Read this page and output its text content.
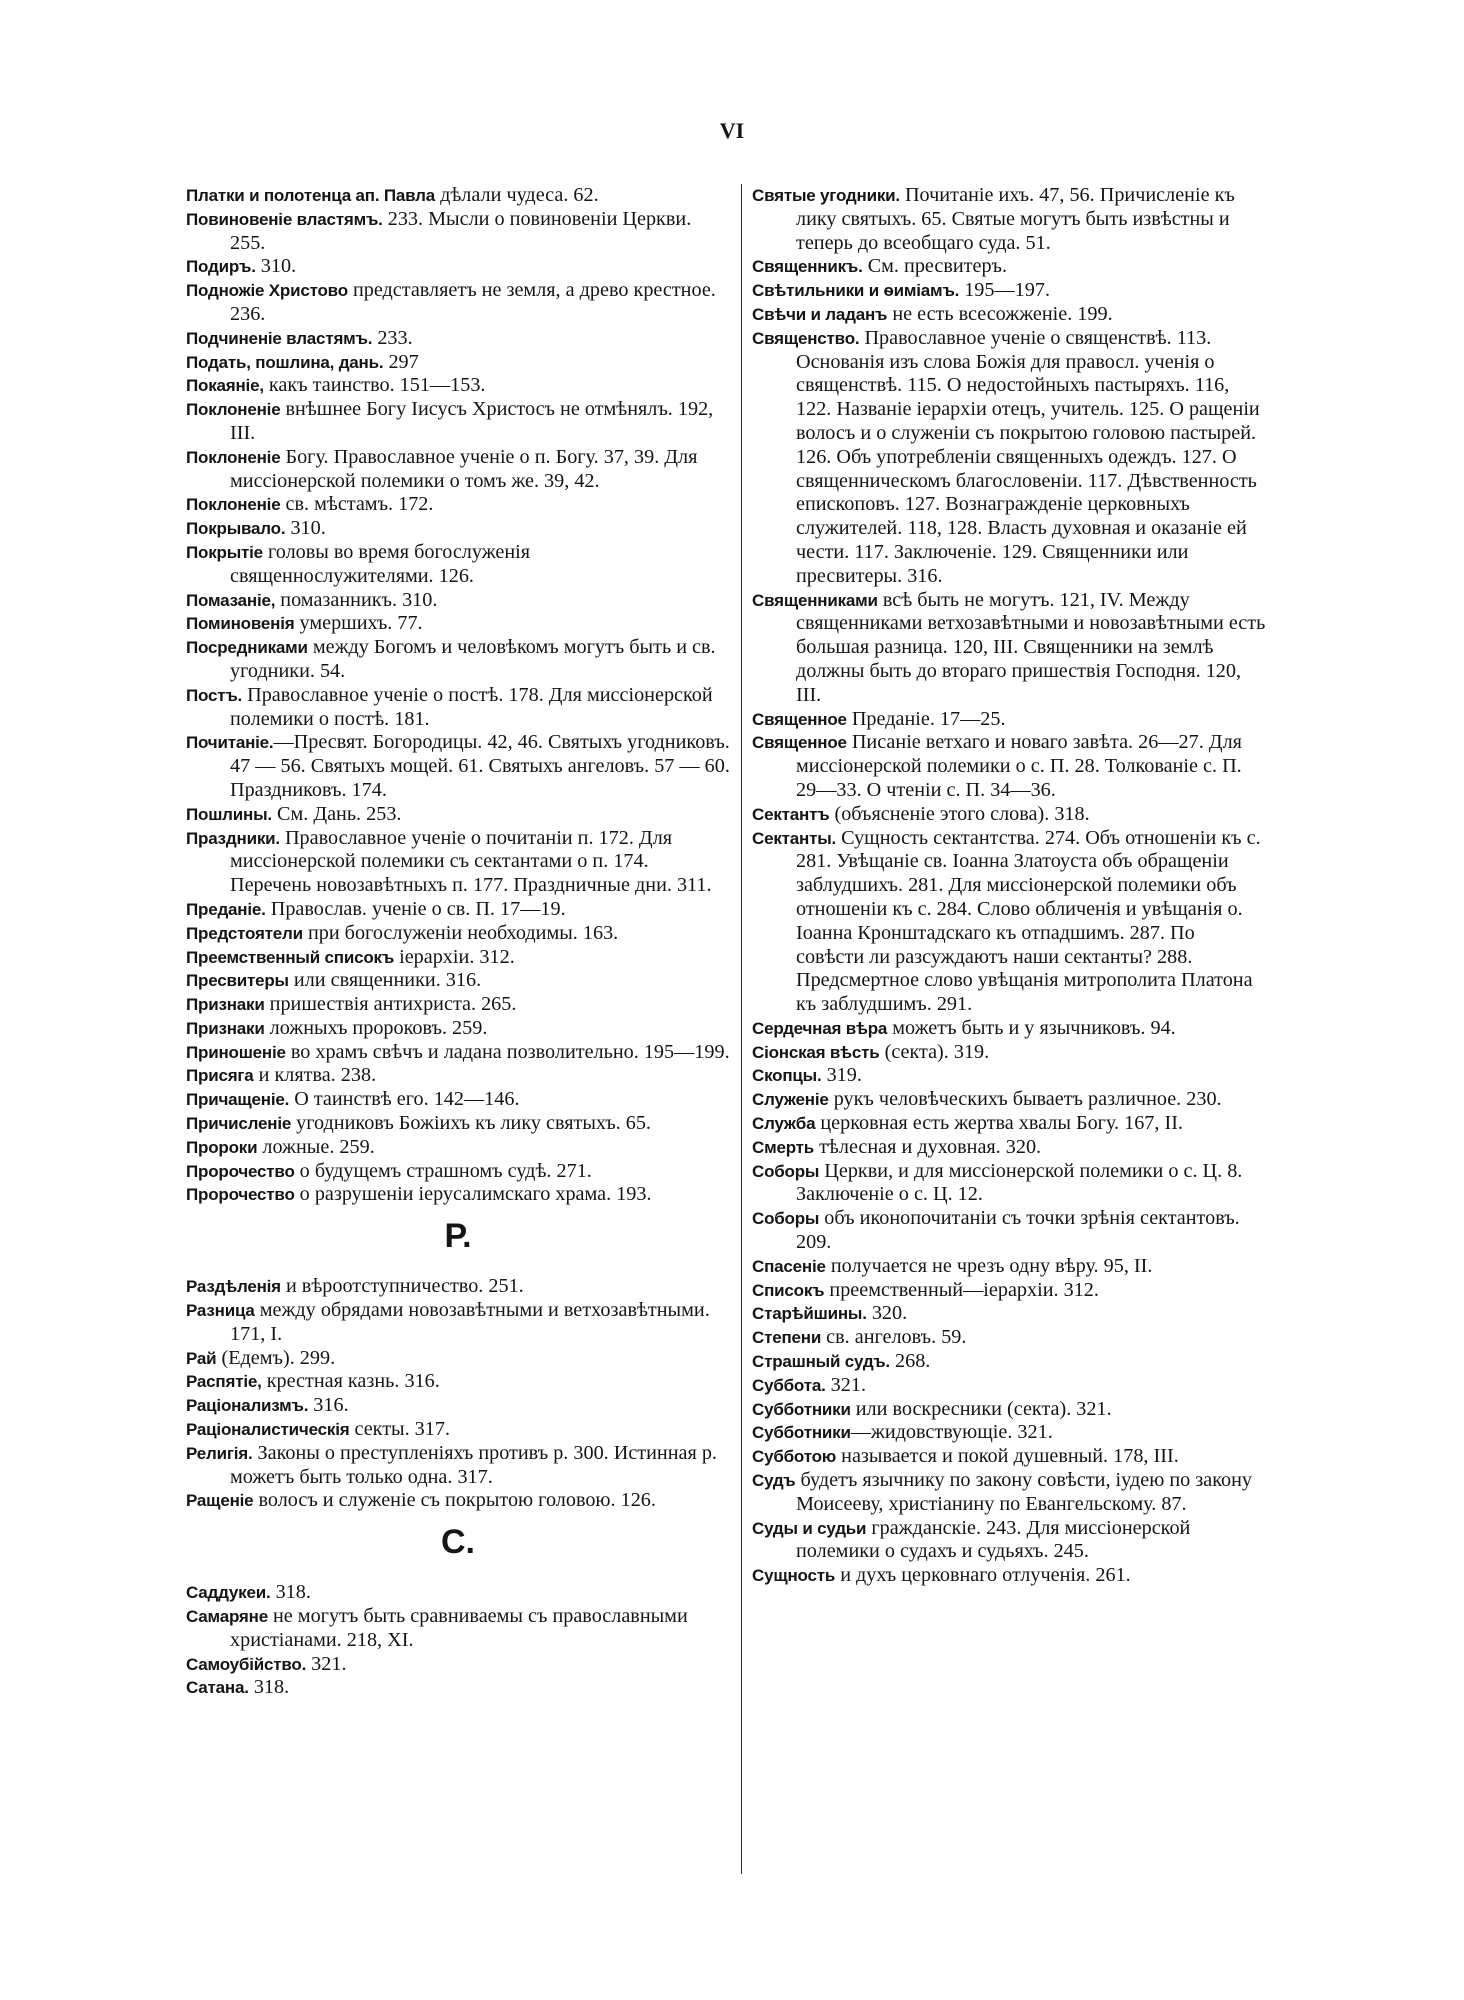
VI

Платки и полотенца ап. Павла дѣлали чудеса. 62.

Повиновеніе властямъ. 233. Мысли о повиновеніи Церкви. 255.

Подиръ. 310.

Подножіе Христово представляетъ не земля, а древо крестное. 236.

Подчиненіе властямъ. 233.

Подать, пошлина, дань. 297

Покаяніе, какъ таинство. 151—153.

Поклоненіе внѣшнее Богу Іисусъ Христосъ не отмѣнялъ. 192, III.

Поклоненіе Богу. Православное ученіе о п. Богу. 37, 39. Для миссіонерской полемики о томъ же. 39, 42.

Поклоненіе св. мѣстамъ. 172.

Покрывало. 310.

Покрытіе головы во время богослуженія священнослужителями. 126.

Помазаніе, помазанникъ. 310.

Поминовенія умершихъ. 77.

Посредниками между Богомъ и человѣкомъ могутъ быть и св. угодники. 54.

Постъ. Православное ученіе о постѣ. 178. Для миссіонерской полемики о постѣ. 181.

Почитаніе.—Пресвят. Богородицы. 42, 46. Святыхъ угодниковъ. 47 — 56. Святыхъ мощей. 61. Святыхъ ангеловъ. 57 — 60. Праздниковъ. 174.

Пошлины. См. Дань. 253.

Праздники. Православное ученіе о почитаніи п. 172. Для миссіонерской полемики съ сектантами о п. 174. Перечень новозавѣтныхъ п. 177. Праздничные дни. 311.

Преданіе. Православ. ученіе о св. П. 17—19.

Предстоятели при богослуженіи необходимы. 163.

Преемственный списокъ іерархіи. 312.

Пресвитеры или священники. 316.

Признаки пришествія антихриста. 265.

Признаки ложныхъ пророковъ. 259.

Приношеніе во храмъ свѣчъ и ладана позволительно. 195—199.

Присяга и клятва. 238.

Причащеніе. О таинствѣ его. 142—146.

Причисленіе угодниковъ Божіихъ къ лику святыхъ. 65.

Пророки ложные. 259.

Пророчество о будущемъ страшномъ судѣ. 271.

Пророчество о разрушеніи іерусалимскаго храма. 193.

Р.

Раздѣленія и вѣроотступничество. 251.

Разница между обрядами новозавѣтными и ветхозавѣтными. 171, I.

Рай (Едемъ). 299.

Распятіе, крестная казнь. 316.

Раціонализмъ. 316.

Раціоналистическія секты. 317.

Религія. Законы о преступленіяхъ противъ р. 300. Истинная р. можетъ быть только одна. 317.

Ращеніе волосъ и служеніе съ покрытою головою. 126.

С.

Саддукеи. 318.

Самаряне не могутъ быть сравниваемы съ православными христіанами. 218, XI.

Самоубійство. 321.

Сатана. 318.

Святые угодники. Почитаніе ихъ. 47, 56. Причисленіе къ лику святыхъ. 65. Святые могутъ быть извѣстны и теперь до всеобщаго суда. 51.

Священникъ. См. пресвитеръ.

Свѣтильники и ѳиміамъ. 195—197.

Свѣчи и ладанъ не есть всесожженіе. 199.

Священство. Православное ученіе о священствѣ. 113. Основанія изъ слова Божія для правосл. ученія о священствѣ. 115. О недостойныхъ пастыряхъ. 116, 122. Названіе іерархіи отецъ, учитель. 125. О ращеніи волосъ и о служеніи съ покрытою головою пастырей. 126. Объ употребленіи священныхъ одеждъ. 127. О священническомъ благословеніи. 117. Дѣвственность епископовъ. 127. Вознагражденіе церковныхъ служителей. 118, 128. Власть духовная и оказаніе ей чести. 117. Заключеніе. 129. Священники или пресвитеры. 316.

Священниками всѣ быть не могутъ. 121, IV. Между священниками ветхозавѣтными и новозавѣтными есть большая разница. 120, III. Священники на землѣ должны быть до втораго пришествія Господня. 120, III.

Священное Преданіе. 17—25.

Священное Писаніе ветхаго и новаго завѣта. 26—27. Для миссіонерской полемики о с. П. 28. Толкованіе с. П. 29—33. О чтеніи с. П. 34—36.

Сектантъ (объясненіе этого слова). 318.

Сектанты. Сущность сектантства. 274. Объ отношеніи къ с. 281. Увѣщаніе св. Іоанна Златоуста объ обращеніи заблудшихъ. 281. Для миссіонерской полемики объ отношеніи къ с. 284. Слово обличенія и увѣщанія о. Іоанна Кронштадскаго къ отпадшимъ. 287. По совѣсти ли разсуждаютъ наши сектанты? 288. Предсмертное слово увѣщанія митрополита Платона къ заблудшимъ. 291.

Сердечная вѣра можетъ быть и у язычниковъ. 94.

Сіонская вѣсть (секта). 319.

Скопцы. 319.

Служеніе рукъ человѣческихъ бываетъ различное. 230.

Служба церковная есть жертва хвалы Богу. 167, II.

Смерть тѣлесная и духовная. 320.

Соборы Церкви, и для миссіонерской полемики о с. Ц. 8. Заключеніе о с. Ц. 12.

Соборы объ иконопочитаніи съ точки зрѣнія сектантовъ. 209.

Спасеніе получается не чрезъ одну вѣру. 95, II.

Списокъ преемственный—іерархіи. 312.

Старѣйшины. 320.

Степени св. ангеловъ. 59.

Страшный судъ. 268.

Суббота. 321.

Субботники или воскресники (секта). 321.

Субботники—жидовствующіе. 321.

Субботою называется и покой душевный. 178, III.

Судъ будетъ язычнику по закону совѣсти, іудею по закону Моисееву, христіанину по Евангельскому. 87.

Суды и судьи гражданскіе. 243. Для миссіонерской полемики о судахъ и судьяхъ. 245.

Сущность и духъ церковнаго отлученія. 261.
